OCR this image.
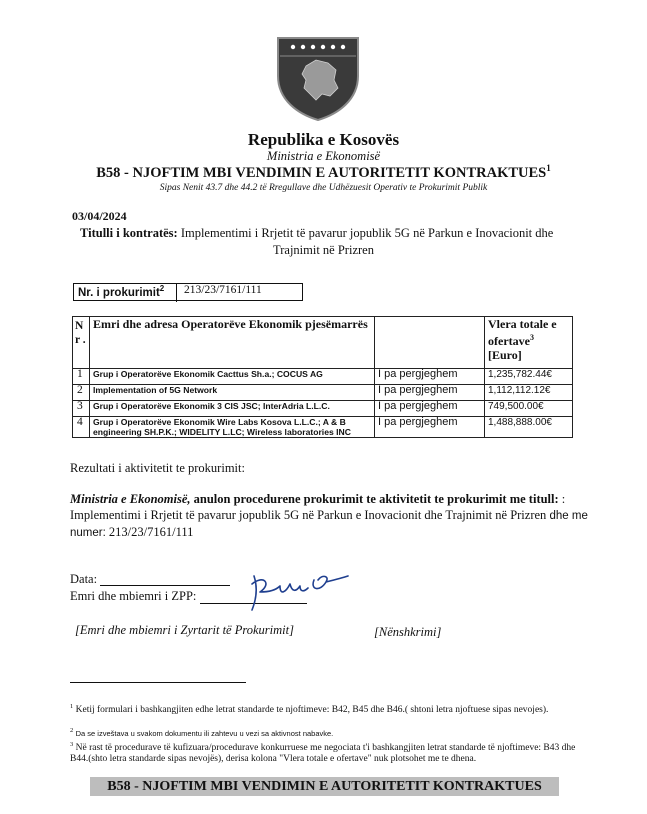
Republika e Kosovës
Ministria e Ekonomisë
B58 - NJOFTIM MBI VENDIMIN E AUTORITETIT KONTRAKTUES$^1$
Sipas Nenit 43.7 dhe 44.2 të Rregullave dhe Udhëzuesit Operativ te Prokurimit Publik
03/04/2024
Titulli i kontratës: Implementimi i Rrjetit të pavarur jopublik 5G në Parkun e Inovacionit dhe
Trajnimit në Prizren
Nr. i prokurimit$^2$ 213/23/7161/111
N r .	Emri dhe adresa Operatorëve Ekonomik pjesëmarrës		Vlera totale e ofertave$^3$
[Euro]
1	Grup i Operatorëve Ekonomik Cacttus Sh.a.; COCUS AG	I pa pergjeghem	1,235,782.44€
2	Implementation of 5G Network	I pa pergjeghem	1,112,112.12€
3	Grup i Operatorëve Ekonomik 3 CIS JSC; InterAdria L.L.C.	I pa pergjeghem	749,500.00€
4	Grup i Operatorëve Ekonomik Wire Labs Kosova L.L.C.; A & B engineering SH.P.K.; WIDELITY L.LC; Wireless laboratories INC	I pa pergjeghem	1,488,888.00€
Rezultati i aktivitetit te prokurimit:
Ministria e Ekonomisë, anulon procedurene prokurimit te aktivitetit te prokurimit me titull: : Implementimi i Rrjetit të pavarur jopublik 5G në Parkun e Inovacionit dhe Trajnimit në Prizren dhe me numer: 213/23/7161/111
Data:
Emri dhe mbiemri i ZPP:
[Emri dhe mbiemri i Zyrtarit të Prokurimit]	[Nënshkrimi]
$^1$ Ketij formulari i bashkangjiten edhe letrat standarde te njoftimeve: B42, B45 dhe B46.( shtoni letra njoftuese sipas nevojes).
$^2$ Da se izveštava u svakom dokumentu ili zahtevu u vezi sa aktivnost nabavke.
$^3$ Në rast të procedurave të kufizuara/procedurave konkurruese me negociata t'i bashkangjiten letrat standarde të njoftimeve: B43 dhe B44.(shto letra standarde sipas nevojës), derisa kolona "Vlera totale e ofertave" nuk plotsohet me te dhena.
B58 - NJOFTIM MBI VENDIMIN E AUTORITETIT KONTRAKTUES
